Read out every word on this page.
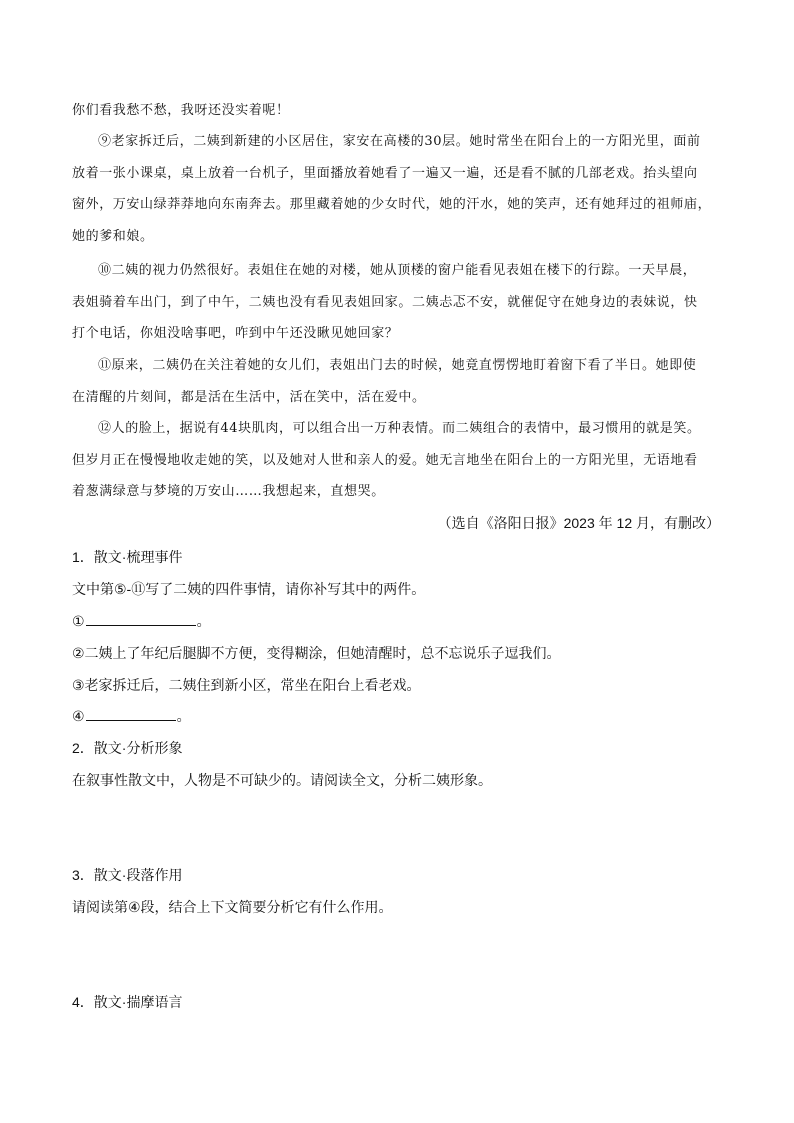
你们看我愁不愁，我呀还没实着呢！
⑨老家拆迁后，二姨到新建的小区居住，家安在高楼的30层。她时常坐在阳台上的一方阳光里，面前
放着一张小课桌，桌上放着一台机子，里面播放着她看了一遍又一遍，还是看不腻的几部老戏。抬头望向
窗外，万安山绿莽莽地向东南奔去。那里藏着她的少女时代，她的汗水，她的笑声，还有她拜过的祖师庙，
她的爹和娘。
⑩二姨的视力仍然很好。表姐住在她的对楼，她从顶楼的窗户能看见表姐在楼下的行踪。一天早晨，
表姐骑着车出门，到了中午，二姨也没有看见表姐回家。二姨忐忑不安，就催促守在她身边的表妹说，快
打个电话，你姐没啥事吧，咋到中午还没瞅见她回家？
⑪原来，二姨仍在关注着她的女儿们，表姐出门去的时候，她竟直愣愣地盯着窗下看了半日。她即使
在清醒的片刻间，都是活在生活中，活在笑中，活在爱中。
⑫人的脸上，据说有44块肌肉，可以组合出一万种表情。而二姨组合的表情中，最习惯用的就是笑。
但岁月正在慢慢地收走她的笑，以及她对人世和亲人的爱。她无言地坐在阳台上的一方阳光里，无语地看
着葱满绿意与梦境的万安山……我想起来，直想哭。

（选自《洛阳日报》2023 年 12 月，有删改）

1．散文·梳理事件

文中第⑤-⑪写了二姨的四件事情，请你补写其中的两件。

①	。

②二姨上了年纪后腿脚不方便，变得糊涂，但她清醒时，总不忘说乐子逗我们。

③老家拆迁后，二姨住到新小区，常坐在阳台上看老戏。

④	。

2．散文·分析形象

在叙事性散文中，人物是不可缺少的。请阅读全文，分析二姨形象。

3．散文·段落作用

请阅读第④段，结合上下文简要分析它有什么作用。

4．散文·揣摩语言
